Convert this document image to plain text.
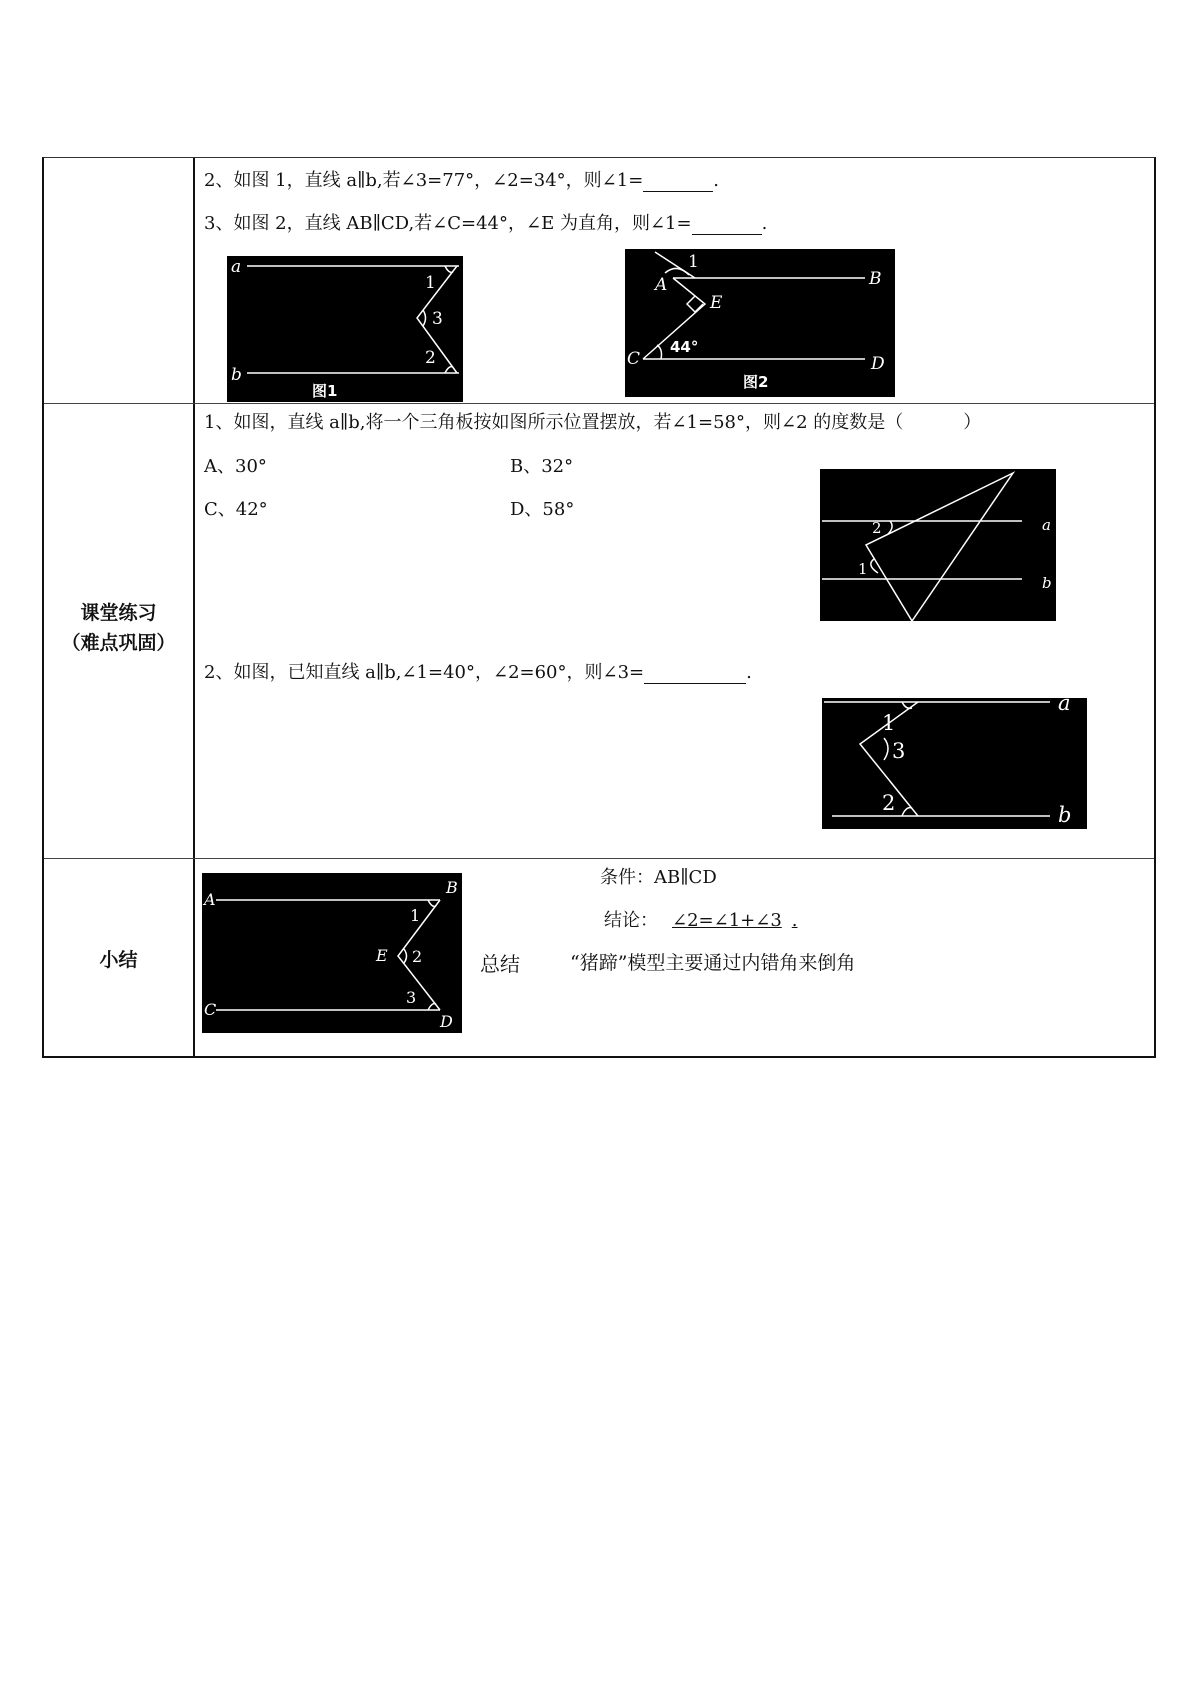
2、如图 1，直线 a∥b,若∠3=77°，∠2=34°，则∠1=	.
3、如图 2，直线 AB∥CD,若∠C=44°，∠E 为直角，则∠1=	.
a
b
1
3
2
图1
1
A	B
E
C	D
44°
图2
课堂练习
（难点巩固）
1、如图，直线 a∥b,将一个三角板按如图所示位置摆放，若∠1=58°，则∠2 的度数是（	）
A、30°	B、32°
C、42°	D、58°
2
1
a
b
2、如图，已知直线 a∥b,∠1=40°，∠2=60°，则∠3=	.
1
3
2
a
b
小结
A
B
C
D
E
1
2
3
条件：AB∥CD
结论： ∠2=∠1+∠3 .
总结	“猪蹄”模型主要通过内错角来倒角
